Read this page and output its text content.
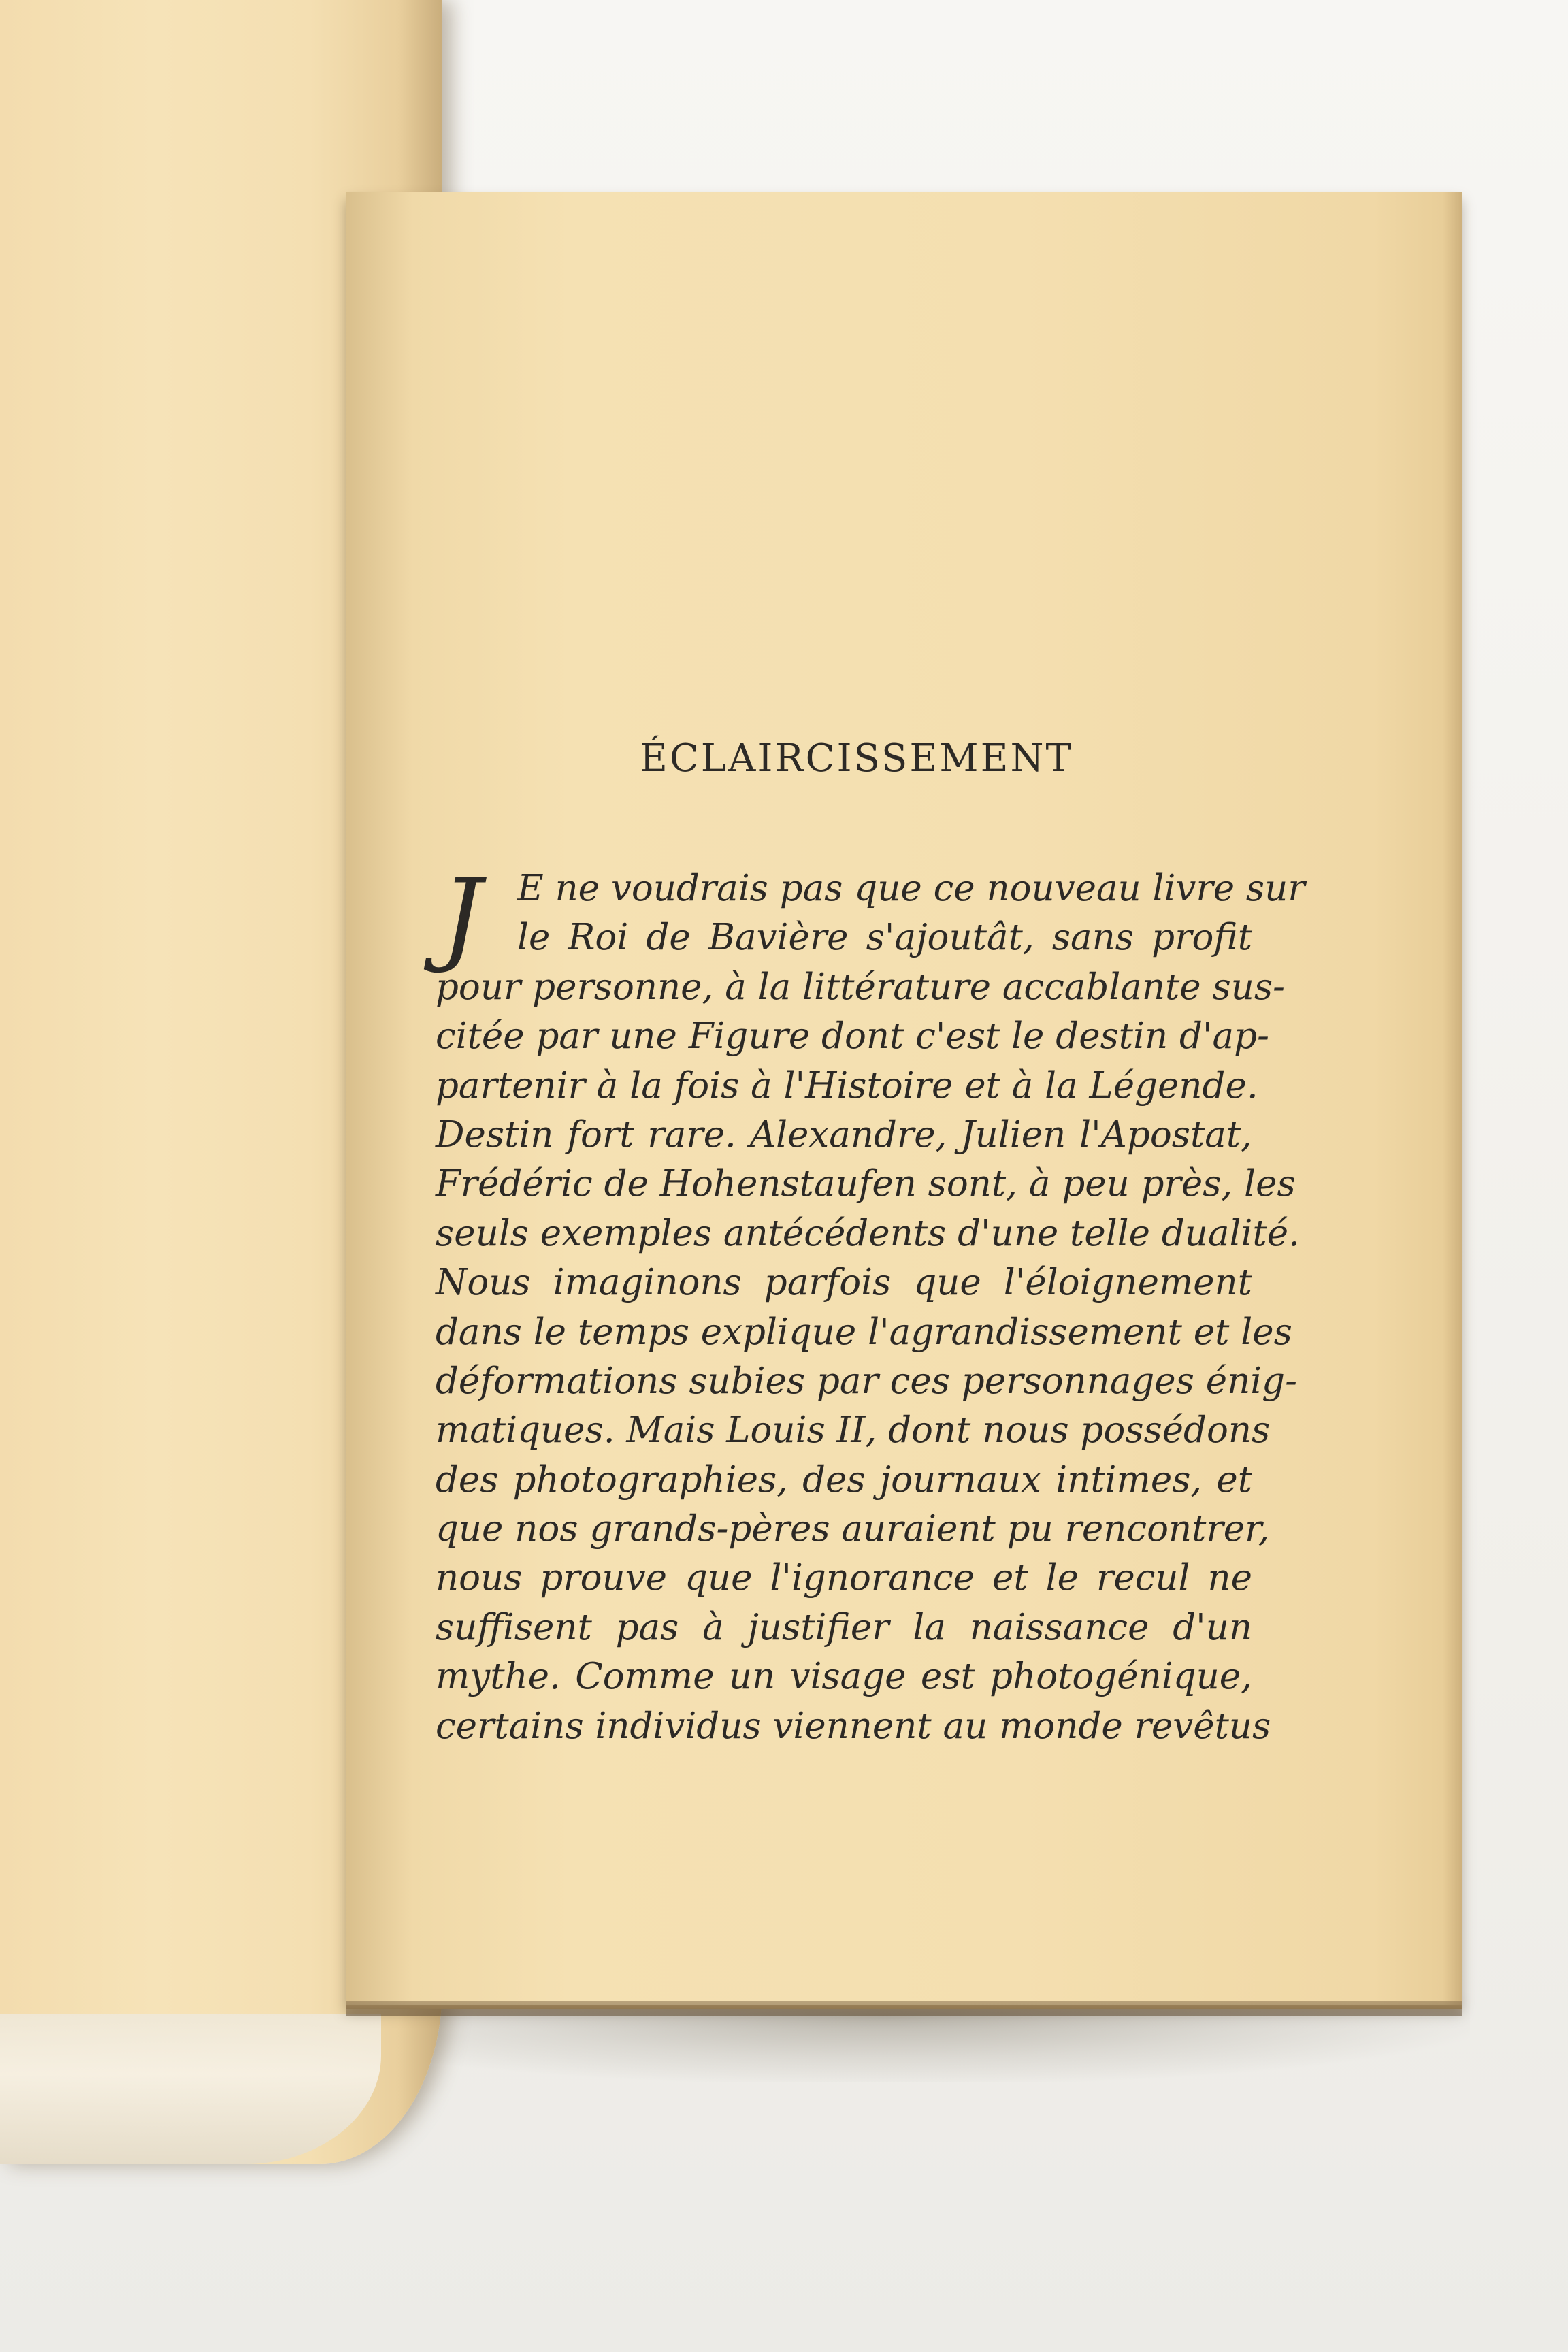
ÉCLAIRCISSEMENT
J E ne voudrais pas que ce nouveau livre sur
le Roi de Bavière s'ajoutât, sans profit
pour personne, à la littérature accablante sus-
citée par une Figure dont c'est le destin d'ap-
partenir à la fois à l'Histoire et à la Légende.
Destin fort rare. Alexandre, Julien l'Apostat,
Frédéric de Hohenstaufen sont, à peu près, les
seuls exemples antécédents d'une telle dualité.
Nous imaginons parfois que l'éloignement
dans le temps explique l'agrandissement et les
déformations subies par ces personnages énig-
matiques. Mais Louis II, dont nous possédons
des photographies, des journaux intimes, et
que nos grands-pères auraient pu rencontrer,
nous prouve que l'ignorance et le recul ne
suffisent pas à justifier la naissance d'un
mythe. Comme un visage est photogénique,
certains individus viennent au monde revêtus
